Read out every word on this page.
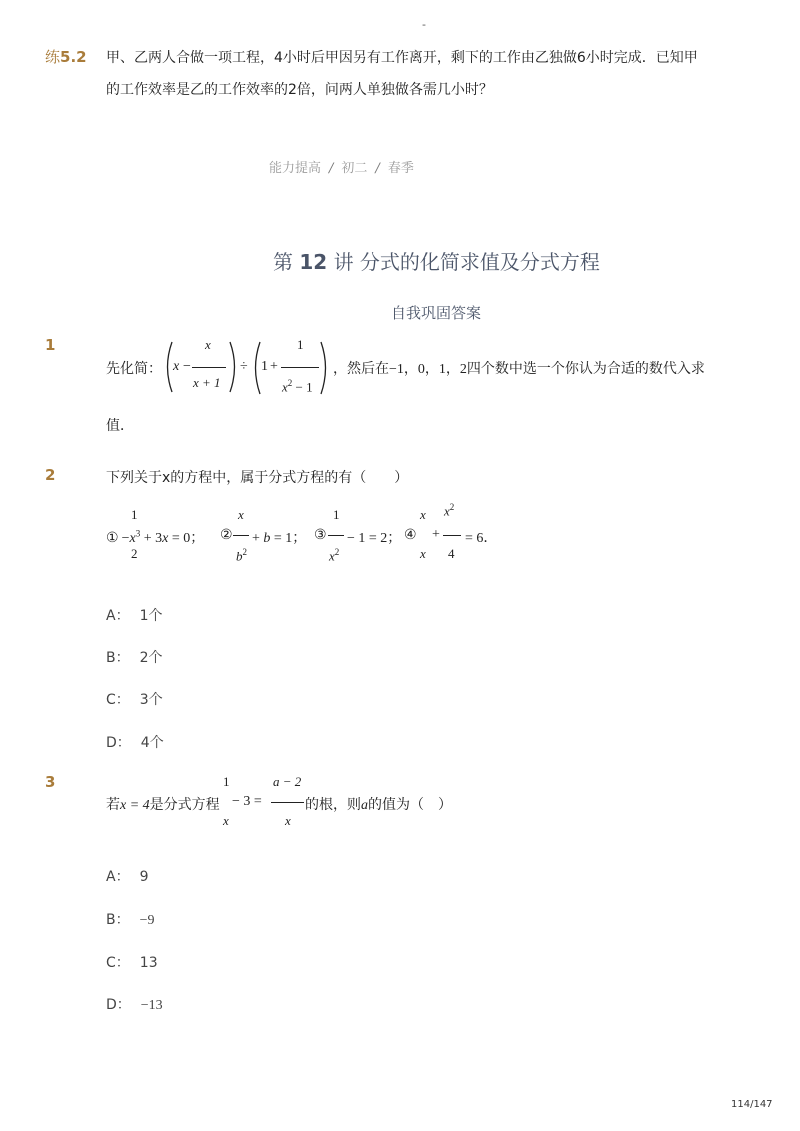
-
练5.2 甲、乙两人合做一项工程，4小时后甲因另有工作离开，剩下的工作由乙独做6小时完成．已知甲
的工作效率是乙的工作效率的2倍，问两人单独做各需几小时？
能力提高 / 初二 / 春季
第 12 讲 分式的化简求值及分式方程
自我巩固答案
1
先化简： x −
x
x + 1
÷ 1 +
1
$x^2 - 1$
，然后在−1，0，1，2四个数中选一个你认为合适的数代入求
值．
2	下列关于x的方程中，属于分式方程的有（　　）
1
2
① $-x^3 + 3x = 0$；
x
$b^2$
② + b = 1；
1
$x^2$
③ − 1 = 2； ④
x
x
+
$x^2$
4
= 6．
A： 1个
B： 2个
C： 3个
D： 4个
3
若x = 4是分式方程
1
x
− 3 =
a − 2
x
的根，则a的值为（　）
A： 9
B： −9
C： 13
D： −13
114/147
